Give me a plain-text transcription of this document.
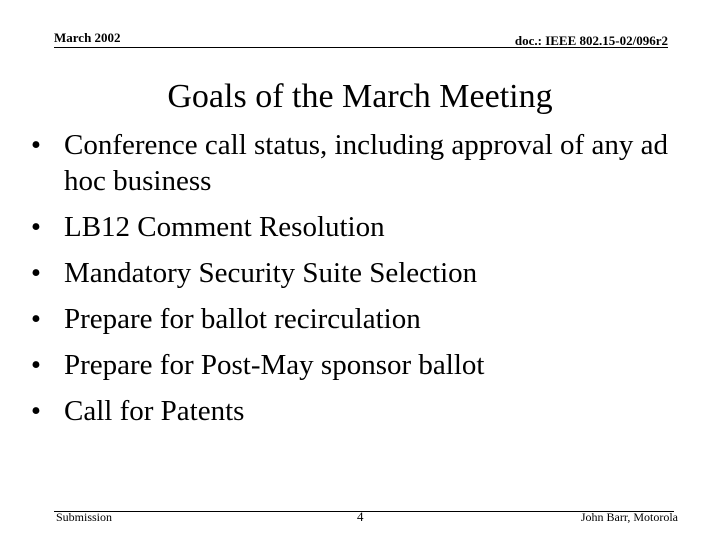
March 2002	doc.: IEEE 802.15-02/096r2
Goals of the March Meeting
• Conference call status, including approval of any ad hoc business
• LB12 Comment Resolution
• Mandatory Security Suite Selection
• Prepare for ballot recirculation
• Prepare for Post-May sponsor ballot
• Call for Patents
Submission	4	John Barr, Motorola
